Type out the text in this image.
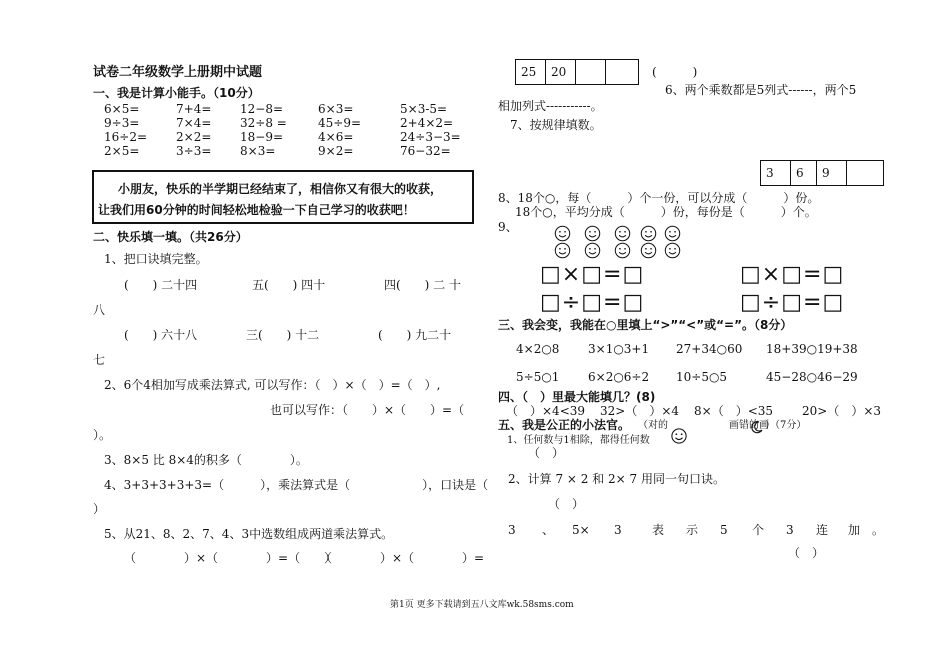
试卷二年级数学上册期中试题
一、我是计算小能手。（10分）
6×5=	7+4= 12−8=	6×3=	5×3-5=
9÷3=	7×4= 32÷8 =	45÷9=	2+4×2=
16÷2= 2×2= 18−9=	4×6=	24÷3−3=
2×5=	3÷3= 8×3=	9×2=	76−32=
小朋友，快乐的半学期已经结束了，相信你又有很大的收获，
让我们用60分钟的时间轻松地检验一下自己学习的收获吧！
二、快乐填一填。（共26分）
1、把口诀填完整。
(　　) 二十四	五(　　) 四十	四(　　) 二 十
八
(　　) 六十八	三(　　) 十二	(　　) 九二十
七
2、6个4相加写成乘法算式, 可以写作：（　）×（　）=（　）,
也可以写作：（　　）×（　　）=（
）。
3、8×5 比 8×4的积多（　　　　）。
4、3+3+3+3+3=（　　　），乘法算式是（　　　　　　），口诀是（
）
5、从21、8、2、7、4、3中选数组成两道乘法算式。
（　　　　）×（　　　　）=（　　）
（　　　　）×（　　　　）=
25	20	(　　　)
6、两个乘数都是5列式------，两个5
相加列式-----------。
7、按规律填数。
3	6	9
8、18个○，每（　　　）个一份，可以分成（　　　）份。
18个○，平均分成（　　　）份，每份是（　　　）个。
9、
□×□=□	□×□=□
□÷□=□	□÷□=□
三、我会变，我能在○里填上“>”“<”或“=”。（8分）
4×2○8 3×1○3+1 27+34○60 18+39○19+38
5÷5○1 6×2○6÷2 10÷5○5	45−28○46−29
四、（　）里最大能填几？(8)
（　）×4<39 32>（　）×4 8×（　）<35 20>（　）×3
五、我是公正的小法官。 （对的	画错的画
）（7分）
1、任何数与1相除，都得任何数
（　）
2、计算 7 × 2 和 2× 7 用同一句口诀。
（　）
3 、 5× 3	表 示 5 个 3 连 加 。
（　）
第1页 更多下载请到五八文库wk.58sms.com
